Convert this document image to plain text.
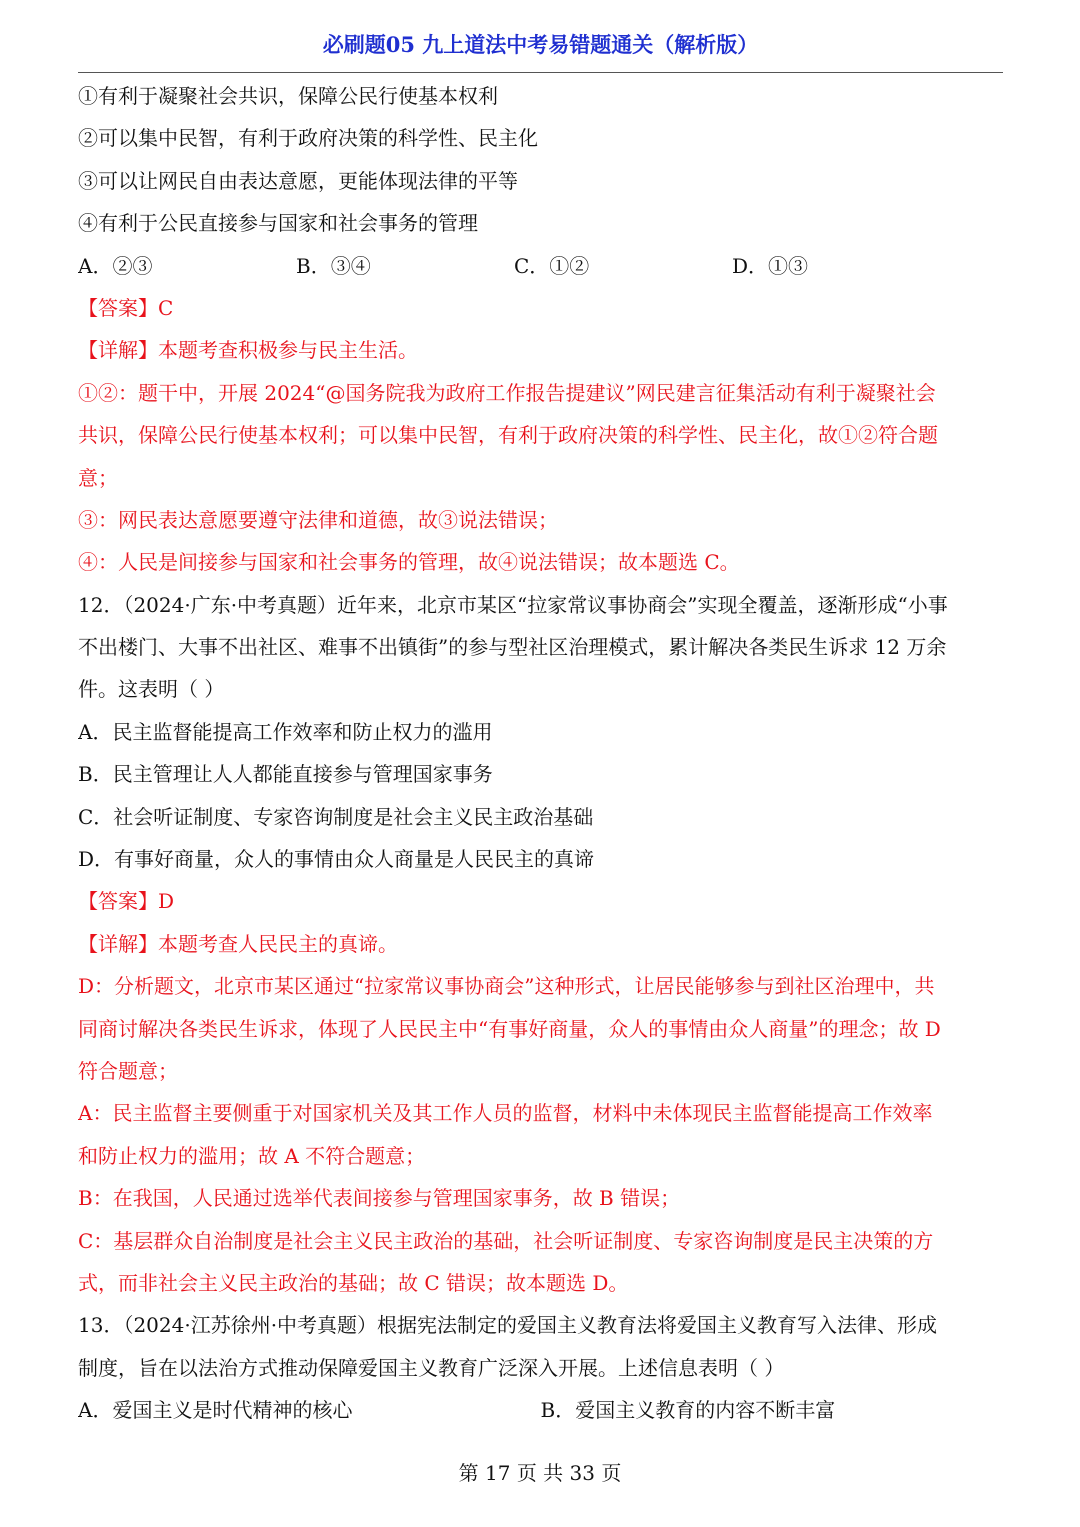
必刷题05 九上道法中考易错题通关（解析版）
①有利于凝聚社会共识，保障公民行使基本权利
②可以集中民智，有利于政府决策的科学性、民主化
③可以让网民自由表达意愿，更能体现法律的平等
④有利于公民直接参与国家和社会事务的管理
A．②③	B．③④	C．①②	D．①③
【答案】C
【详解】本题考查积极参与民主生活。
①②：题干中，开展 2024“@国务院我为政府工作报告提建议”网民建言征集活动有利于凝聚社会
共识，保障公民行使基本权利；可以集中民智，有利于政府决策的科学性、民主化，故①②符合题
意；
③：网民表达意愿要遵守法律和道德，故③说法错误；
④：人民是间接参与国家和社会事务的管理，故④说法错误；故本题选 C。
12．（2024·广东·中考真题）近年来，北京市某区“拉家常议事协商会”实现全覆盖，逐渐形成“小事
不出楼门、大事不出社区、难事不出镇街”的参与型社区治理模式，累计解决各类民生诉求 12 万余
件。这表明（ ）
A．民主监督能提高工作效率和防止权力的滥用
B．民主管理让人人都能直接参与管理国家事务
C．社会听证制度、专家咨询制度是社会主义民主政治基础
D．有事好商量，众人的事情由众人商量是人民民主的真谛
【答案】D
【详解】本题考查人民民主的真谛。
D：分析题文，北京市某区通过“拉家常议事协商会”这种形式，让居民能够参与到社区治理中，共
同商讨解决各类民生诉求，体现了人民民主中“有事好商量，众人的事情由众人商量”的理念；故 D
符合题意；
A：民主监督主要侧重于对国家机关及其工作人员的监督，材料中未体现民主监督能提高工作效率
和防止权力的滥用；故 A 不符合题意；
B：在我国，人民通过选举代表间接参与管理国家事务，故 B 错误；
C：基层群众自治制度是社会主义民主政治的基础，社会听证制度、专家咨询制度是民主决策的方
式，而非社会主义民主政治的基础；故 C 错误；故本题选 D。
13．（2024·江苏徐州·中考真题）根据宪法制定的爱国主义教育法将爱国主义教育写入法律、形成
制度，旨在以法治方式推动保障爱国主义教育广泛深入开展。上述信息表明（ ）
A．爱国主义是时代精神的核心	B．爱国主义教育的内容不断丰富
第 17 页 共 33 页
